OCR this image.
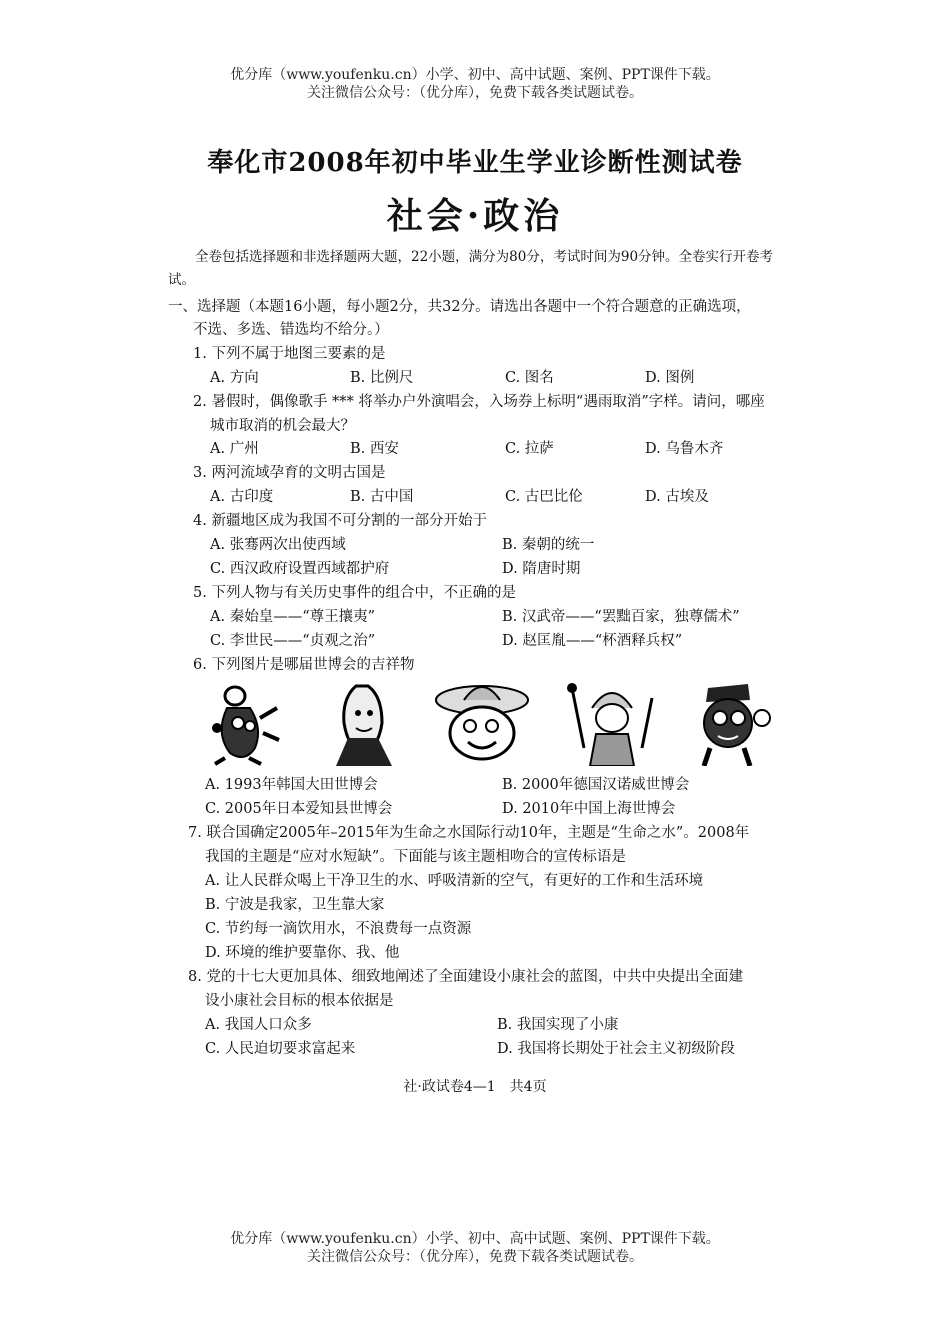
优分库（www.youfenku.cn）小学、初中、高中试题、案例、PPT课件下载。
关注微信公众号：（优分库），免费下载各类试题试卷。
奉化市2008年初中毕业生学业诊断性测试卷
社会·政治
全卷包括选择题和非选择题两大题，22小题，满分为80分，考试时间为90分钟。全卷实行开卷考试。
一、选择题（本题16小题，每小题2分，共32分。请选出各题中一个符合题意的正确选项，
不选、多选、错选均不给分。）
1. 下列不属于地图三要素的是
A. 方向	B. 比例尺	C. 图名	D. 图例
2. 暑假时，偶像歌手 *** 将举办户外演唱会，入场券上标明“遇雨取消”字样。请问，哪座
城市取消的机会最大？
A. 广州	B. 西安	C. 拉萨	D. 乌鲁木齐
3. 两河流域孕育的文明古国是
A. 古印度	B. 古中国	C. 古巴比伦	D. 古埃及
4. 新疆地区成为我国不可分割的一部分开始于
A. 张骞两次出使西域	B. 秦朝的统一
C. 西汉政府设置西域都护府	D. 隋唐时期
5. 下列人物与有关历史事件的组合中，不正确的是
A. 秦始皇——“尊王攘夷”	B. 汉武帝——“罢黜百家，独尊儒术”
C. 李世民——“贞观之治”	D. 赵匡胤——“杯酒释兵权”
6. 下列图片是哪届世博会的吉祥物
A. 1993年韩国大田世博会	B. 2000年德国汉诺威世博会
C. 2005年日本爱知县世博会	D. 2010年中国上海世博会
7. 联合国确定2005年–2015年为生命之水国际行动10年，主题是“生命之水”。2008年
我国的主题是“应对水短缺”。下面能与该主题相吻合的宣传标语是
A. 让人民群众喝上干净卫生的水、呼吸清新的空气，有更好的工作和生活环境
B. 宁波是我家，卫生靠大家
C. 节约每一滴饮用水，不浪费每一点资源
D. 环境的维护要靠你、我、他
8. 党的十七大更加具体、细致地阐述了全面建设小康社会的蓝图，中共中央提出全面建
设小康社会目标的根本依据是
A. 我国人口众多	B. 我国实现了小康
C. 人民迫切要求富起来	D. 我国将长期处于社会主义初级阶段
社·政试卷4—1　共4页
优分库（www.youfenku.cn）小学、初中、高中试题、案例、PPT课件下载。
关注微信公众号：（优分库），免费下载各类试题试卷。
